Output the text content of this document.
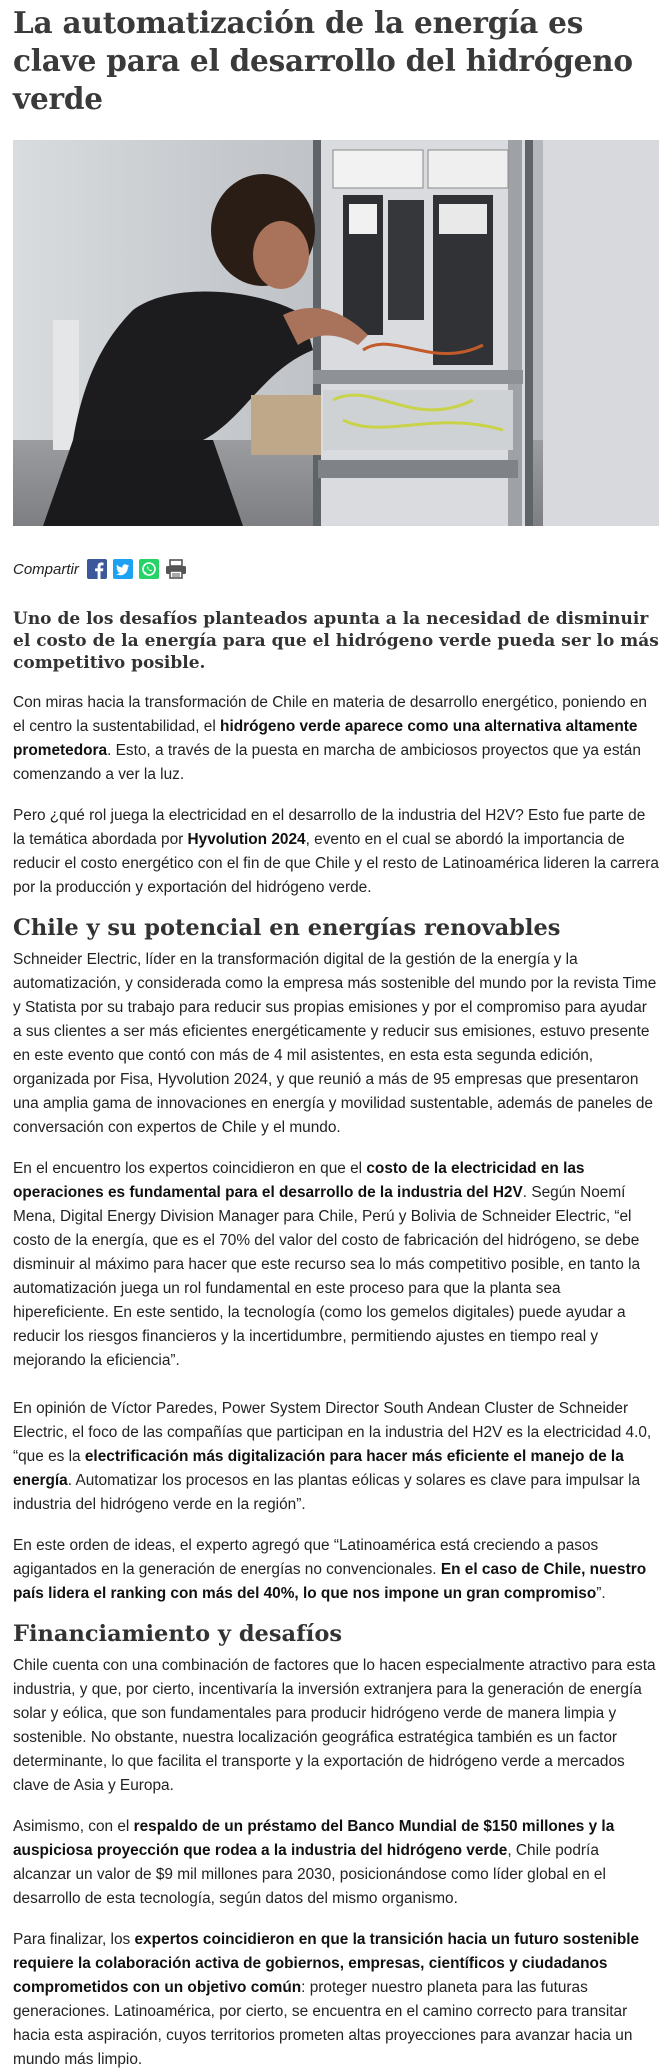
La automatización de la energía es clave para el desarrollo del hidrógeno verde
Compartir
Uno de los desafíos planteados apunta a la necesidad de disminuir el costo de la energía para que el hidrógeno verde pueda ser lo más competitivo posible.

Con miras hacia la transformación de Chile en materia de desarrollo energético, poniendo en el centro la sustentabilidad, el hidrógeno verde aparece como una alternativa altamente prometedora. Esto, a través de la puesta en marcha de ambiciosos proyectos que ya están comenzando a ver la luz.

Pero ¿qué rol juega la electricidad en el desarrollo de la industria del H2V? Esto fue parte de la temática abordada por Hyvolution 2024, evento en el cual se abordó la importancia de reducir el costo energético con el fin de que Chile y el resto de Latinoamérica lideren la carrera por la producción y exportación del hidrógeno verde.

Chile y su potencial en energías renovables

Schneider Electric, líder en la transformación digital de la gestión de la energía y la automatización, y considerada como la empresa más sostenible del mundo por la revista Time y Statista por su trabajo para reducir sus propias emisiones y por el compromiso para ayudar a sus clientes a ser más eficientes energéticamente y reducir sus emisiones, estuvo presente en este evento que contó con más de 4 mil asistentes, en esta esta segunda edición, organizada por Fisa, Hyvolution 2024, y que reunió a más de 95 empresas que presentaron una amplia gama de innovaciones en energía y movilidad sustentable, además de paneles de conversación con expertos de Chile y el mundo.

En el encuentro los expertos coincidieron en que el costo de la electricidad en las operaciones es fundamental para el desarrollo de la industria del H2V. Según Noemí Mena, Digital Energy Division Manager para Chile, Perú y Bolivia de Schneider Electric, “el costo de la energía, que es el 70% del valor del costo de fabricación del hidrógeno, se debe disminuir al máximo para hacer que este recurso sea lo más competitivo posible, en tanto la automatización juega un rol fundamental en este proceso para que la planta sea hipereficiente. En este sentido, la tecnología (como los gemelos digitales) puede ayudar a reducir los riesgos financieros y la incertidumbre, permitiendo ajustes en tiempo real y mejorando la eficiencia”.

En opinión de Víctor Paredes, Power System Director South Andean Cluster de Schneider Electric, el foco de las compañías que participan en la industria del H2V es la electricidad 4.0, “que es la electrificación más digitalización para hacer más eficiente el manejo de la energía. Automatizar los procesos en las plantas eólicas y solares es clave para impulsar la industria del hidrógeno verde en la región”.

En este orden de ideas, el experto agregó que “Latinoamérica está creciendo a pasos agigantados en la generación de energías no convencionales. En el caso de Chile, nuestro país lidera el ranking con más del 40%, lo que nos impone un gran compromiso”.

Financiamiento y desafíos

Chile cuenta con una combinación de factores que lo hacen especialmente atractivo para esta industria, y que, por cierto, incentivaría la inversión extranjera para la generación de energía solar y eólica, que son fundamentales para producir hidrógeno verde de manera limpia y sostenible. No obstante, nuestra localización geográfica estratégica también es un factor determinante, lo que facilita el transporte y la exportación de hidrógeno verde a mercados clave de Asia y Europa.

Asimismo, con el respaldo de un préstamo del Banco Mundial de $150 millones y la auspiciosa proyección que rodea a la industria del hidrógeno verde, Chile podría alcanzar un valor de $9 mil millones para 2030, posicionándose como líder global en el desarrollo de esta tecnología, según datos del mismo organismo.

Para finalizar, los expertos coincidieron en que la transición hacia un futuro sostenible requiere la colaboración activa de gobiernos, empresas, científicos y ciudadanos comprometidos con un objetivo común: proteger nuestro planeta para las futuras generaciones. Latinoamérica, por cierto, se encuentra en el camino correcto para transitar hacia esta aspiración, cuyos territorios prometen altas proyecciones para avanzar hacia un mundo más limpio.
